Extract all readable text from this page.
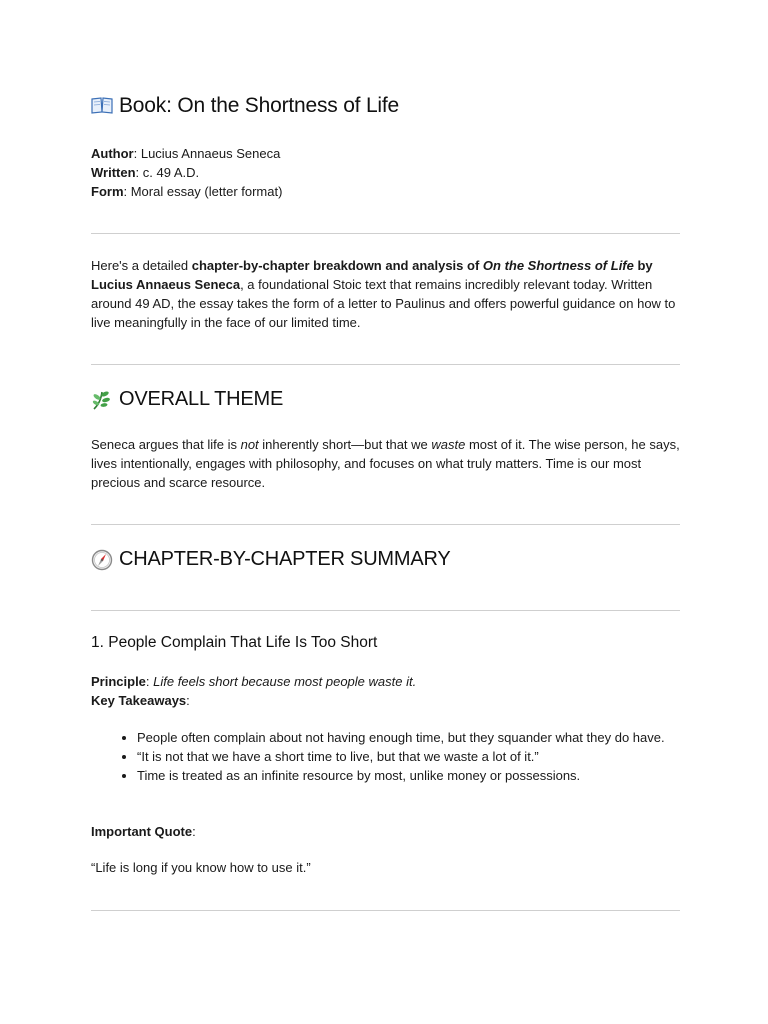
Book: On the Shortness of Life
Author: Lucius Annaeus Seneca
Written: c. 49 A.D.
Form: Moral essay (letter format)
Here's a detailed chapter-by-chapter breakdown and analysis of On the Shortness of Life by Lucius Annaeus Seneca, a foundational Stoic text that remains incredibly relevant today. Written around 49 AD, the essay takes the form of a letter to Paulinus and offers powerful guidance on how to live meaningfully in the face of our limited time.
OVERALL THEME
Seneca argues that life is not inherently short—but that we waste most of it. The wise person, he says, lives intentionally, engages with philosophy, and focuses on what truly matters. Time is our most precious and scarce resource.
CHAPTER-BY-CHAPTER SUMMARY
1. People Complain That Life Is Too Short
Principle: Life feels short because most people waste it.
Key Takeaways:
• People often complain about not having enough time, but they squander what they do have.
• “It is not that we have a short time to live, but that we waste a lot of it.”
• Time is treated as an infinite resource by most, unlike money or possessions.
Important Quote:
“Life is long if you know how to use it.”
